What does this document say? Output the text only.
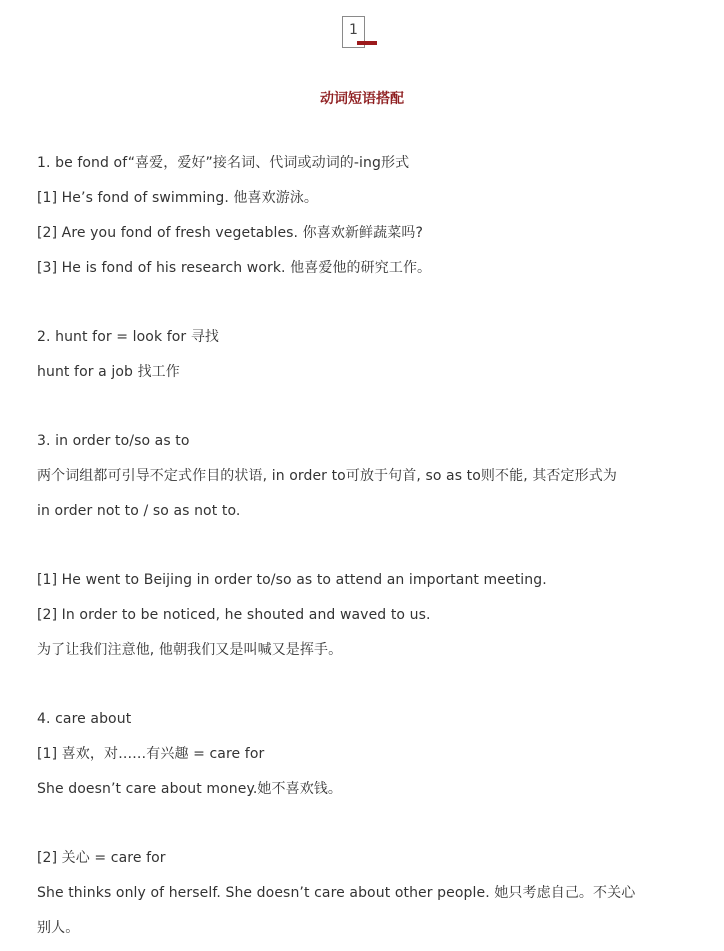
1
动词短语搭配
1. be fond of“喜爱，爱好”接名词、代词或动词的-ing形式
[1] He’s fond of swimming. 他喜欢游泳。
[2] Are you fond of fresh vegetables. 你喜欢新鲜蔬菜吗?
[3] He is fond of his research work. 他喜爱他的研究工作。
2. hunt for = look for 寻找
hunt for a job 找工作
3. in order to/so as to
两个词组都可引导不定式作目的状语, in order to可放于句首, so as to则不能, 其否定形式为
in order not to / so as not to.
[1] He went to Beijing in order to/so as to attend an important meeting.
[2] In order to be noticed, he shouted and waved to us.
为了让我们注意他, 他朝我们又是叫喊又是挥手。
4. care about
[1] 喜欢，对……有兴趣 = care for
She doesn’t care about money.她不喜欢钱。
[2] 关心 = care for
She thinks only of herself. She doesn’t care about other people. 她只考虑自己。不关心
别人。
